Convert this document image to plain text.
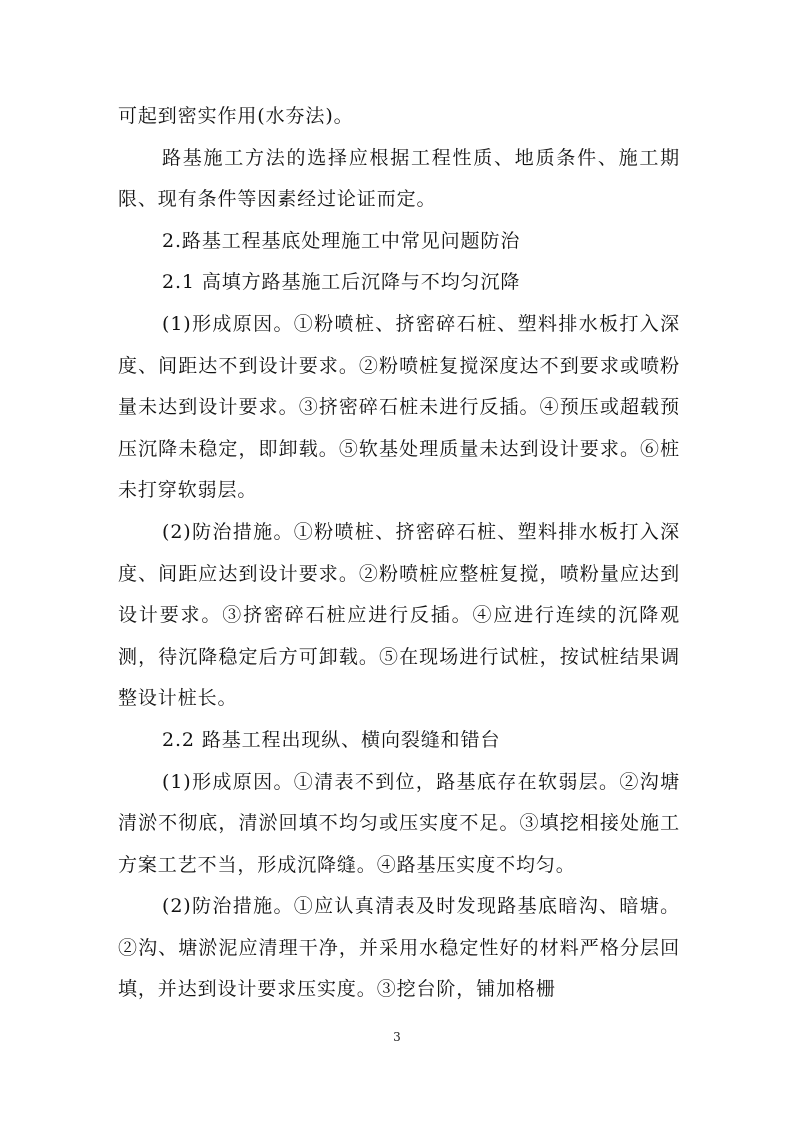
可起到密实作用(水夯法)。

路基施工方法的选择应根据工程性质、地质条件、施工期限、现有条件等因素经过论证而定。

2.路基工程基底处理施工中常见问题防治

2.1 高填方路基施工后沉降与不均匀沉降

(1)形成原因。①粉喷桩、挤密碎石桩、塑料排水板打入深度、间距达不到设计要求。②粉喷桩复搅深度达不到要求或喷粉量未达到设计要求。③挤密碎石桩未进行反插。④预压或超载预压沉降未稳定，即卸载。⑤软基处理质量未达到设计要求。⑥桩未打穿软弱层。

(2)防治措施。①粉喷桩、挤密碎石桩、塑料排水板打入深度、间距应达到设计要求。②粉喷桩应整桩复搅，喷粉量应达到设计要求。③挤密碎石桩应进行反插。④应进行连续的沉降观测，待沉降稳定后方可卸载。⑤在现场进行试桩，按试桩结果调整设计桩长。

2.2 路基工程出现纵、横向裂缝和错台

(1)形成原因。①清表不到位，路基底存在软弱层。②沟塘清淤不彻底，清淤回填不均匀或压实度不足。③填挖相接处施工方案工艺不当，形成沉降缝。④路基压实度不均匀。

(2)防治措施。①应认真清表及时发现路基底暗沟、暗塘。②沟、塘淤泥应清理干净，并采用水稳定性好的材料严格分层回填，并达到设计要求压实度。③挖台阶，铺加格栅

3
